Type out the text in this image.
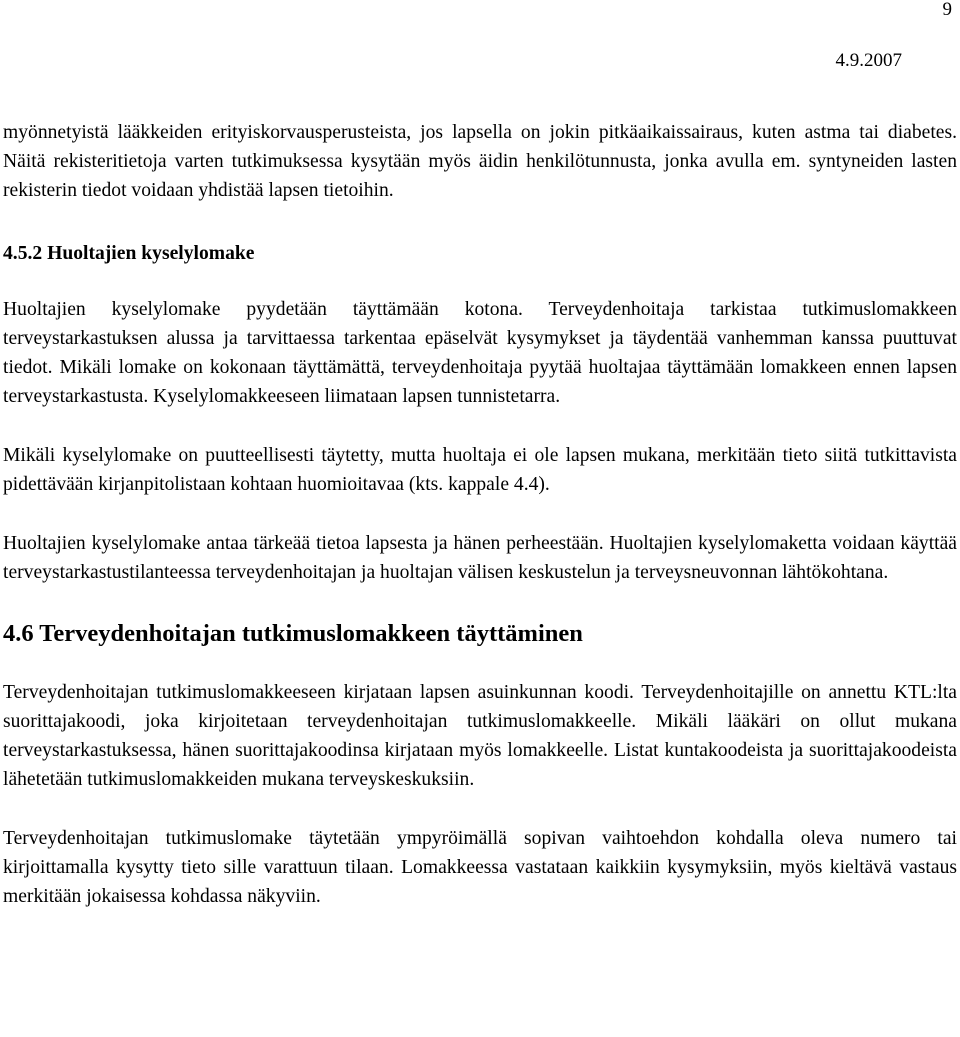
9
4.9.2007

myönnetyistä lääkkeiden erityiskorvausperusteista, jos lapsella on jokin pitkäaikaissairaus, kuten astma tai diabetes. Näitä rekisteritietoja varten tutkimuksessa kysytään myös äidin henkilötunnusta, jonka avulla em. syntyneiden lasten rekisterin tiedot voidaan yhdistää lapsen tietoihin.

4.5.2 Huoltajien kyselylomake

Huoltajien kyselylomake pyydetään täyttämään kotona. Terveydenhoitaja tarkistaa tutkimuslomakkeen terveystarkastuksen alussa ja tarvittaessa tarkentaa epäselvät kysymykset ja täydentää vanhemman kanssa puuttuvat tiedot. Mikäli lomake on kokonaan täyttämättä, terveydenhoitaja pyytää huoltajaa täyttämään lomakkeen ennen lapsen terveystarkastusta. Kyselylomakkeeseen liimataan lapsen tunnistetarra.

Mikäli kyselylomake on puutteellisesti täytetty, mutta huoltaja ei ole lapsen mukana, merkitään tieto siitä tutkittavista pidettävään kirjanpitolistaan kohtaan huomioitavaa (kts. kappale 4.4).

Huoltajien kyselylomake antaa tärkeää tietoa lapsesta ja hänen perheestään. Huoltajien kyselylomaketta voidaan käyttää terveystarkastustilanteessa terveydenhoitajan ja huoltajan välisen keskustelun ja terveysneuvonnan lähtökohtana.

4.6 Terveydenhoitajan tutkimuslomakkeen täyttäminen

Terveydenhoitajan tutkimuslomakkeeseen kirjataan lapsen asuinkunnan koodi. Terveydenhoitajille on annettu KTL:lta suorittajakoodi, joka kirjoitetaan terveydenhoitajan tutkimuslomakkeelle. Mikäli lääkäri on ollut mukana terveystarkastuksessa, hänen suorittajakoodinsa kirjataan myös lomakkeelle. Listat kuntakoodeista ja suorittajakoodeista lähetetään tutkimuslomakkeiden mukana terveyskeskuksiin.

Terveydenhoitajan tutkimuslomake täytetään ympyröimällä sopivan vaihtoehdon kohdalla oleva numero tai kirjoittamalla kysytty tieto sille varattuun tilaan. Lomakkeessa vastataan kaikkiin kysymyksiin, myös kieltävä vastaus merkitään jokaisessa kohdassa näkyviin.
